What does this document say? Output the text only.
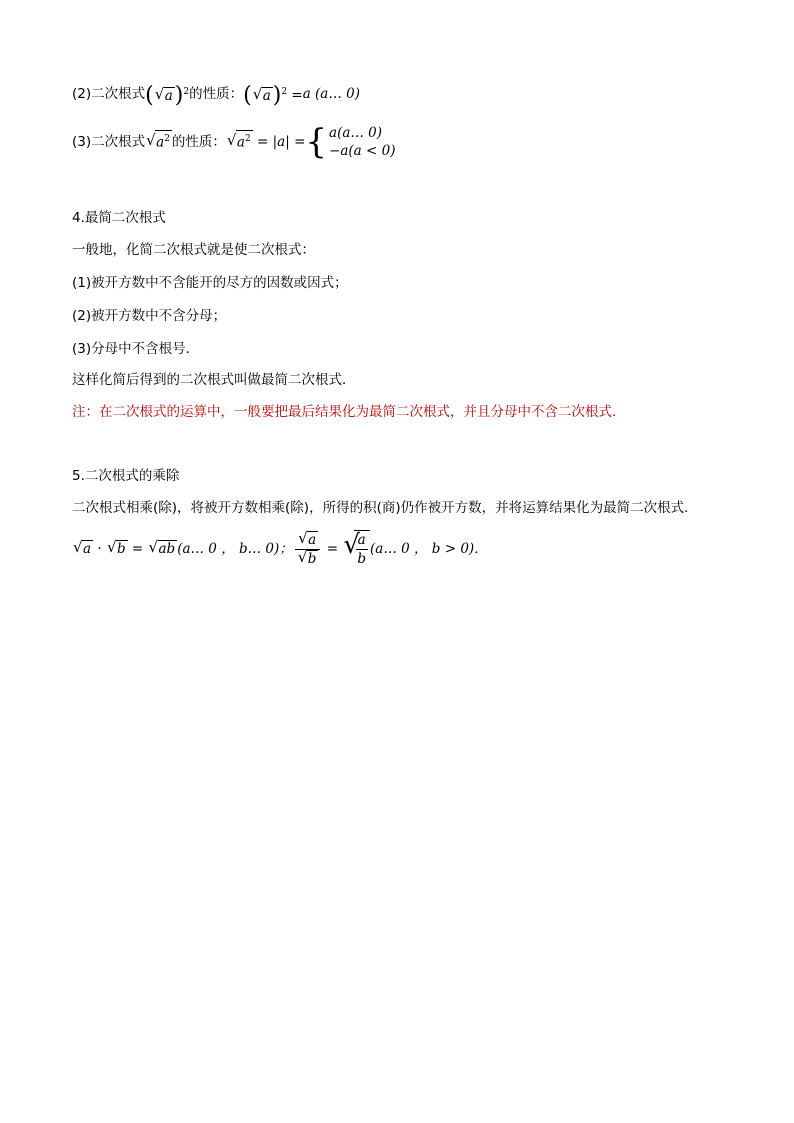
(2)二次根式( √ a)$^2$的性质：( √ a)$^2$ =a (a… 0)
(3)二次根式 √ $a^2$ 的性质： √ $a^2 = |a|$ = { a(a… 0)
−a(a < 0)
4.最简二次根式
一般地，化简二次根式就是使二次根式：
(1)被开方数中不含能开的尽方的因数或因式；
(2)被开方数中不含分母；
(3)分母中不含根号．
这样化简后得到的二次根式叫做最简二次根式．
注：在二次根式的运算中，一般要把最后结果化为最简二次根式，并且分母中不含二次根式．
5.二次根式的乘除
二次根式相乘(除)，将被开方数相乘(除)，所得的积(商)仍作被开方数，并将运算结果化为最简二次根式．
√ a · √ b = √ ab (a… 0 ， b… 0)； $\frac{√ a}{√ b}$ = √
$\frac{a}{b}$ (a… 0 ， b > 0)．
